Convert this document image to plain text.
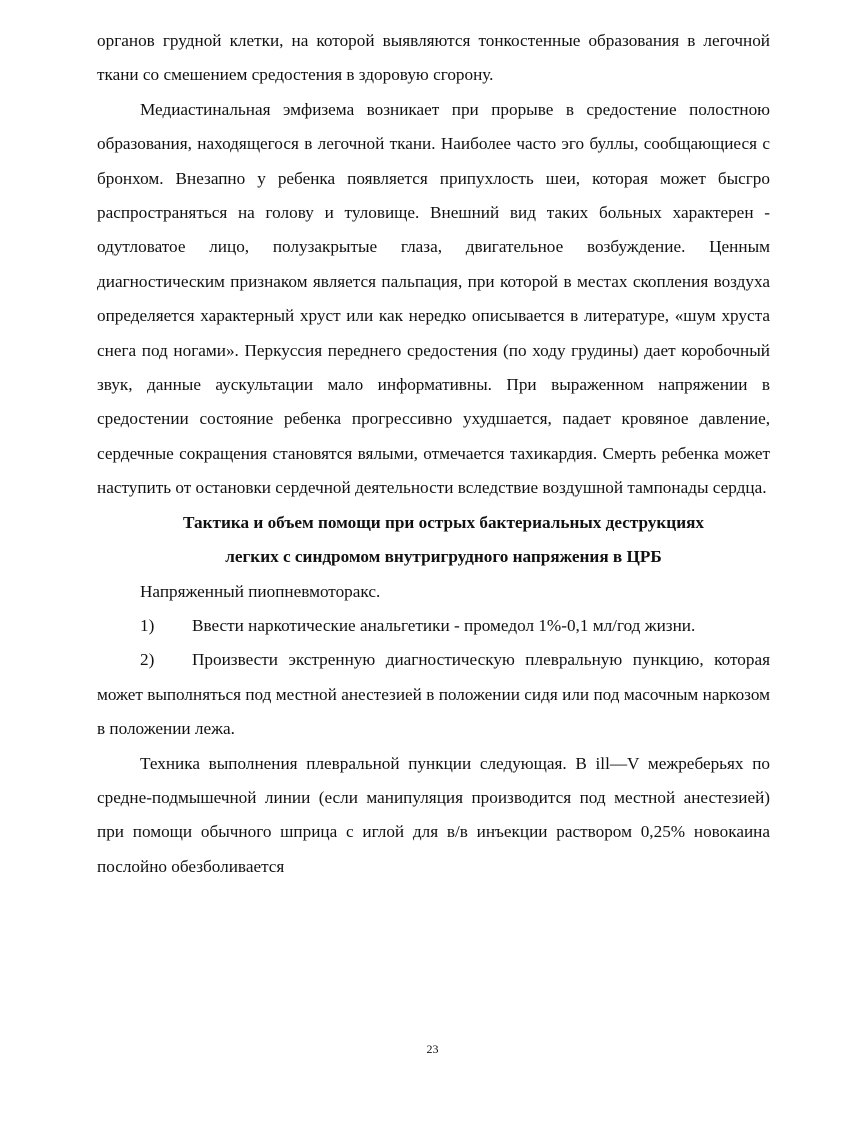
органов грудной клетки, на которой выявляются тонкостенные образования в легочной ткани со смешением средостения в здоровую сгорону.

Медиастинальная эмфизема возникает при прорыве в средостение полостною образования, находящегося в легочной ткани. Наиболее часто эго буллы, сообщающиеся с бронхом. Внезапно у ребенка появляется припухлость шеи, которая может бысгро распространяться на голову и туловище. Внешний вид таких больных характерен - одутловатое лицо, полузакрытые глаза, двигательное возбуждение. Ценным диагностическим признаком является пальпация, при которой в местах скопления воздуха определяется характерный хруст или как нередко описывается в литературе, «шум хруста снега под ногами». Перкуссия переднего средостения (по ходу грудины) дает коробочный звук, данные аускультации мало информативны. При выраженном напряжении в средостении состояние ребенка прогрессивно ухудшается, падает кровяное давление, сердечные сокращения становятся вялыми, отмечается тахикардия. Смерть ребенка может наступить от остановки сердечной деятельности вследствие воздушной тампонады сердца.

Тактика и объем помощи при острых бактериальных деструкциях

легких с синдромом внутригрудного напряжения в ЦРБ

Напряженный пиопневмоторакс.

1) Ввести наркотические анальгетики - промедол 1%-0,1 мл/год жизни.

2) Произвести экстренную диагностическую плевральную пункцию, которая может выполняться под местной анестезией в положении сидя или под масочным наркозом в положении лежа.

Техника выполнения плевральной пункции следующая. В ill—V межреберьях по средне-подмышечной линии (если манипуляция производится под местной анестезией) при помощи обычного шприца с иглой для в/в инъекции раствором 0,25% новокаина послойно обезболивается

23
